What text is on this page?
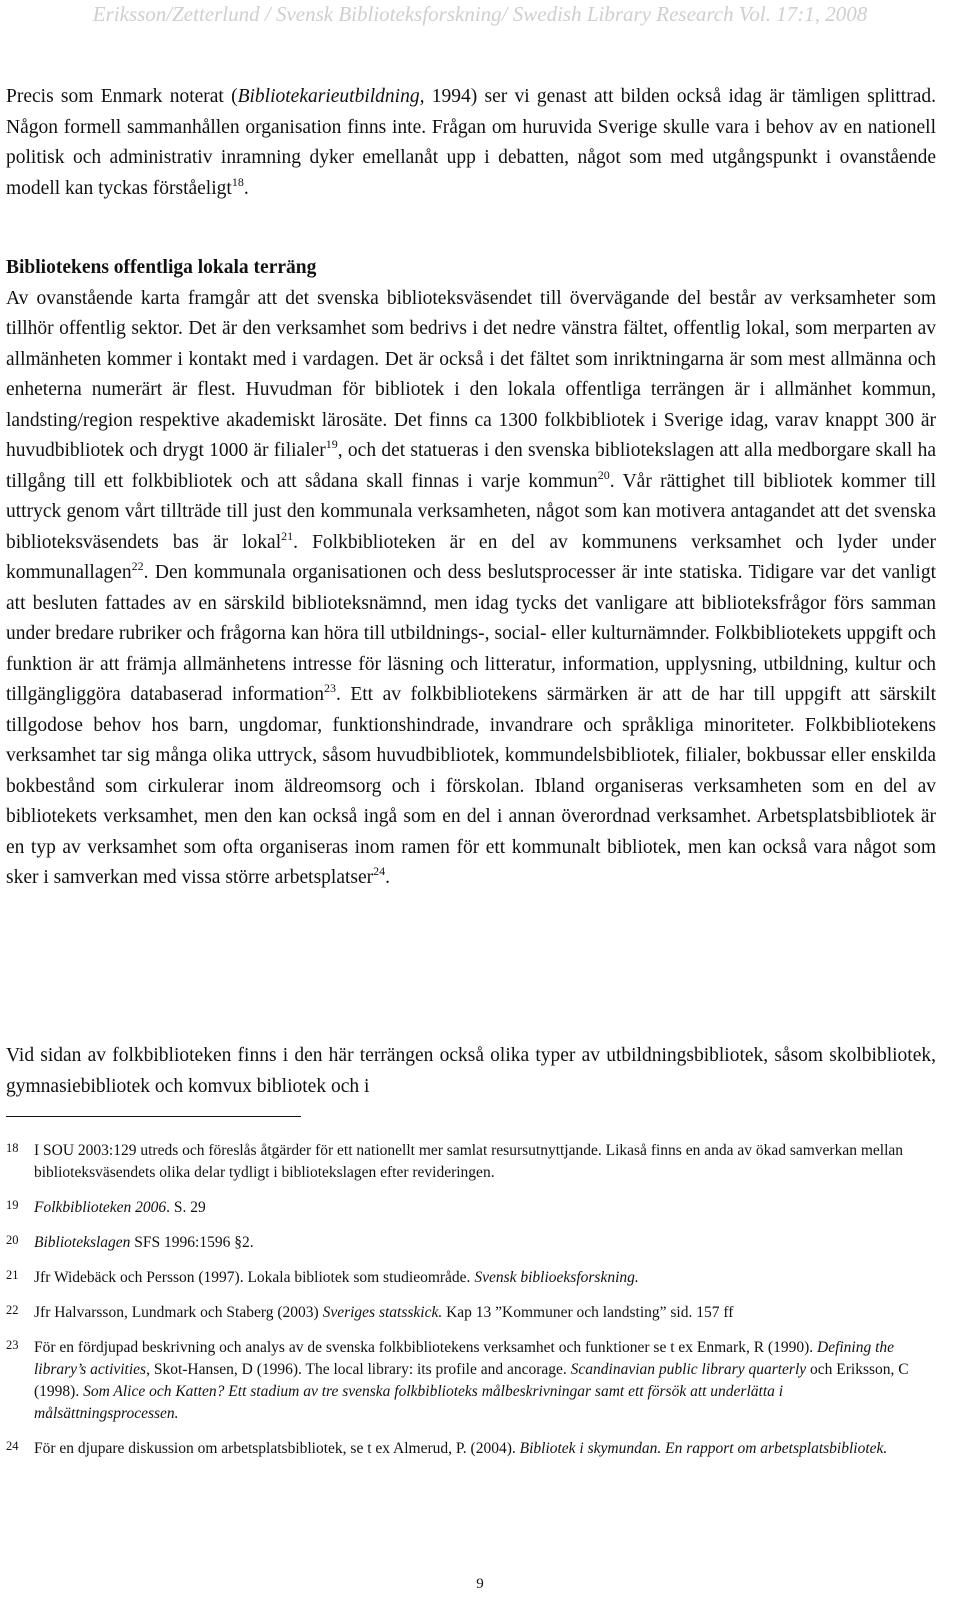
Eriksson/Zetterlund / Svensk Biblioteksforskning/ Swedish Library Research Vol. 17:1, 2008

Precis som Enmark noterat (Bibliotekarieutbildning, 1994) ser vi genast att bilden också idag är tämligen splittrad. Någon formell sammanhållen organisation finns inte. Frågan om huruvida Sverige skulle vara i behov av en nationell politisk och administrativ inramning dyker emellanåt upp i debatten, något som med utgångspunkt i ovanstående modell kan tyckas förståeligt$^{18}$.

Bibliotekens offentliga lokala terräng

Av ovanstående karta framgår att det svenska biblioteksväsendet till övervägande del består av verksamheter som tillhör offentlig sektor. Det är den verksamhet som bedrivs i det nedre vänstra fältet, offentlig lokal, som merparten av allmänheten kommer i kontakt med i vardagen. Det är också i det fältet som inriktningarna är som mest allmänna och enheterna numerärt är flest. Huvudman för bibliotek i den lokala offentliga terrängen är i allmänhet kommun, landsting/region respektive akademiskt lärosäte. Det finns ca 1300 folkbibliotek i Sverige idag, varav knappt 300 är huvudbibliotek och drygt 1000 är filialer$^{19}$, och det statueras i den svenska bibliotekslagen att alla medborgare skall ha tillgång till ett folkbibliotek och att sådana skall finnas i varje kommun$^{20}$. Vår rättighet till bibliotek kommer till uttryck genom vårt tillträde till just den kommunala verksamheten, något som kan motivera antagandet att det svenska biblioteksväsendets bas är lokal$^{21}$. Folkbiblioteken är en del av kommunens verksamhet och lyder under kommunallagen$^{22}$. Den kommunala organisationen och dess beslutsprocesser är inte statiska. Tidigare var det vanligt att besluten fattades av en särskild biblioteksnämnd, men idag tycks det vanligare att biblioteksfrågor förs samman under bredare rubriker och frågorna kan höra till utbildnings-, social- eller kulturnämnder. Folkbibliotekets uppgift och funktion är att främja allmänhetens intresse för läsning och litteratur, information, upplysning, utbildning, kultur och tillgängliggöra databaserad information$^{23}$. Ett av folkbibliotekens särmärken är att de har till uppgift att särskilt tillgodose behov hos barn, ungdomar, funktionshindrade, invandrare och språkliga minoriteter. Folkbibliotekens verksamhet tar sig många olika uttryck, såsom huvudbibliotek, kommundelsbibliotek, filialer, bokbussar eller enskilda bokbestånd som cirkulerar inom äldreomsorg och i förskolan. Ibland organiseras verksamheten som en del av bibliotekets verksamhet, men den kan också ingå som en del i annan överordnad verksamhet. Arbetsplatsbibliotek är en typ av verksamhet som ofta organiseras inom ramen för ett kommunalt bibliotek, men kan också vara något som sker i samverkan med vissa större arbetsplatser$^{24}$.

Vid sidan av folkbiblioteken finns i den här terrängen också olika typer av utbildningsbibliotek, såsom skolbibliotek, gymnasiebibliotek och komvux bibliotek och i

18 I SOU 2003:129 utreds och föreslås åtgärder för ett nationellt mer samlat resursutnyttjande. Likaså finns en anda av ökad samverkan mellan biblioteksväsendets olika delar tydligt i bibliotekslagen efter revideringen.
19 Folkbiblioteken 2006. S. 29
20 Bibliotekslagen SFS 1996:1596 §2.
21 Jfr Widebäck och Persson (1997). Lokala bibliotek som studieområde. Svensk biblioeksforskning.
22 Jfr Halvarsson, Lundmark och Staberg (2003) Sveriges statsskick. Kap 13 ”Kommuner och landsting” sid. 157 ff
23 För en fördjupad beskrivning och analys av de svenska folkbibliotekens verksamhet och funktioner se t ex Enmark, R (1990). Defining the library’s activities, Skot-Hansen, D (1996). The local library: its profile and ancorage. Scandinavian public library quarterly och Eriksson, C (1998). Som Alice och Katten? Ett stadium av tre svenska folkbiblioteks målbeskrivningar samt ett försök att underlätta i målsättningsprocessen.
24 För en djupare diskussion om arbetsplatsbibliotek, se t ex Almerud, P. (2004). Bibliotek i skymundan. En rapport om arbetsplatsbibliotek.
9
